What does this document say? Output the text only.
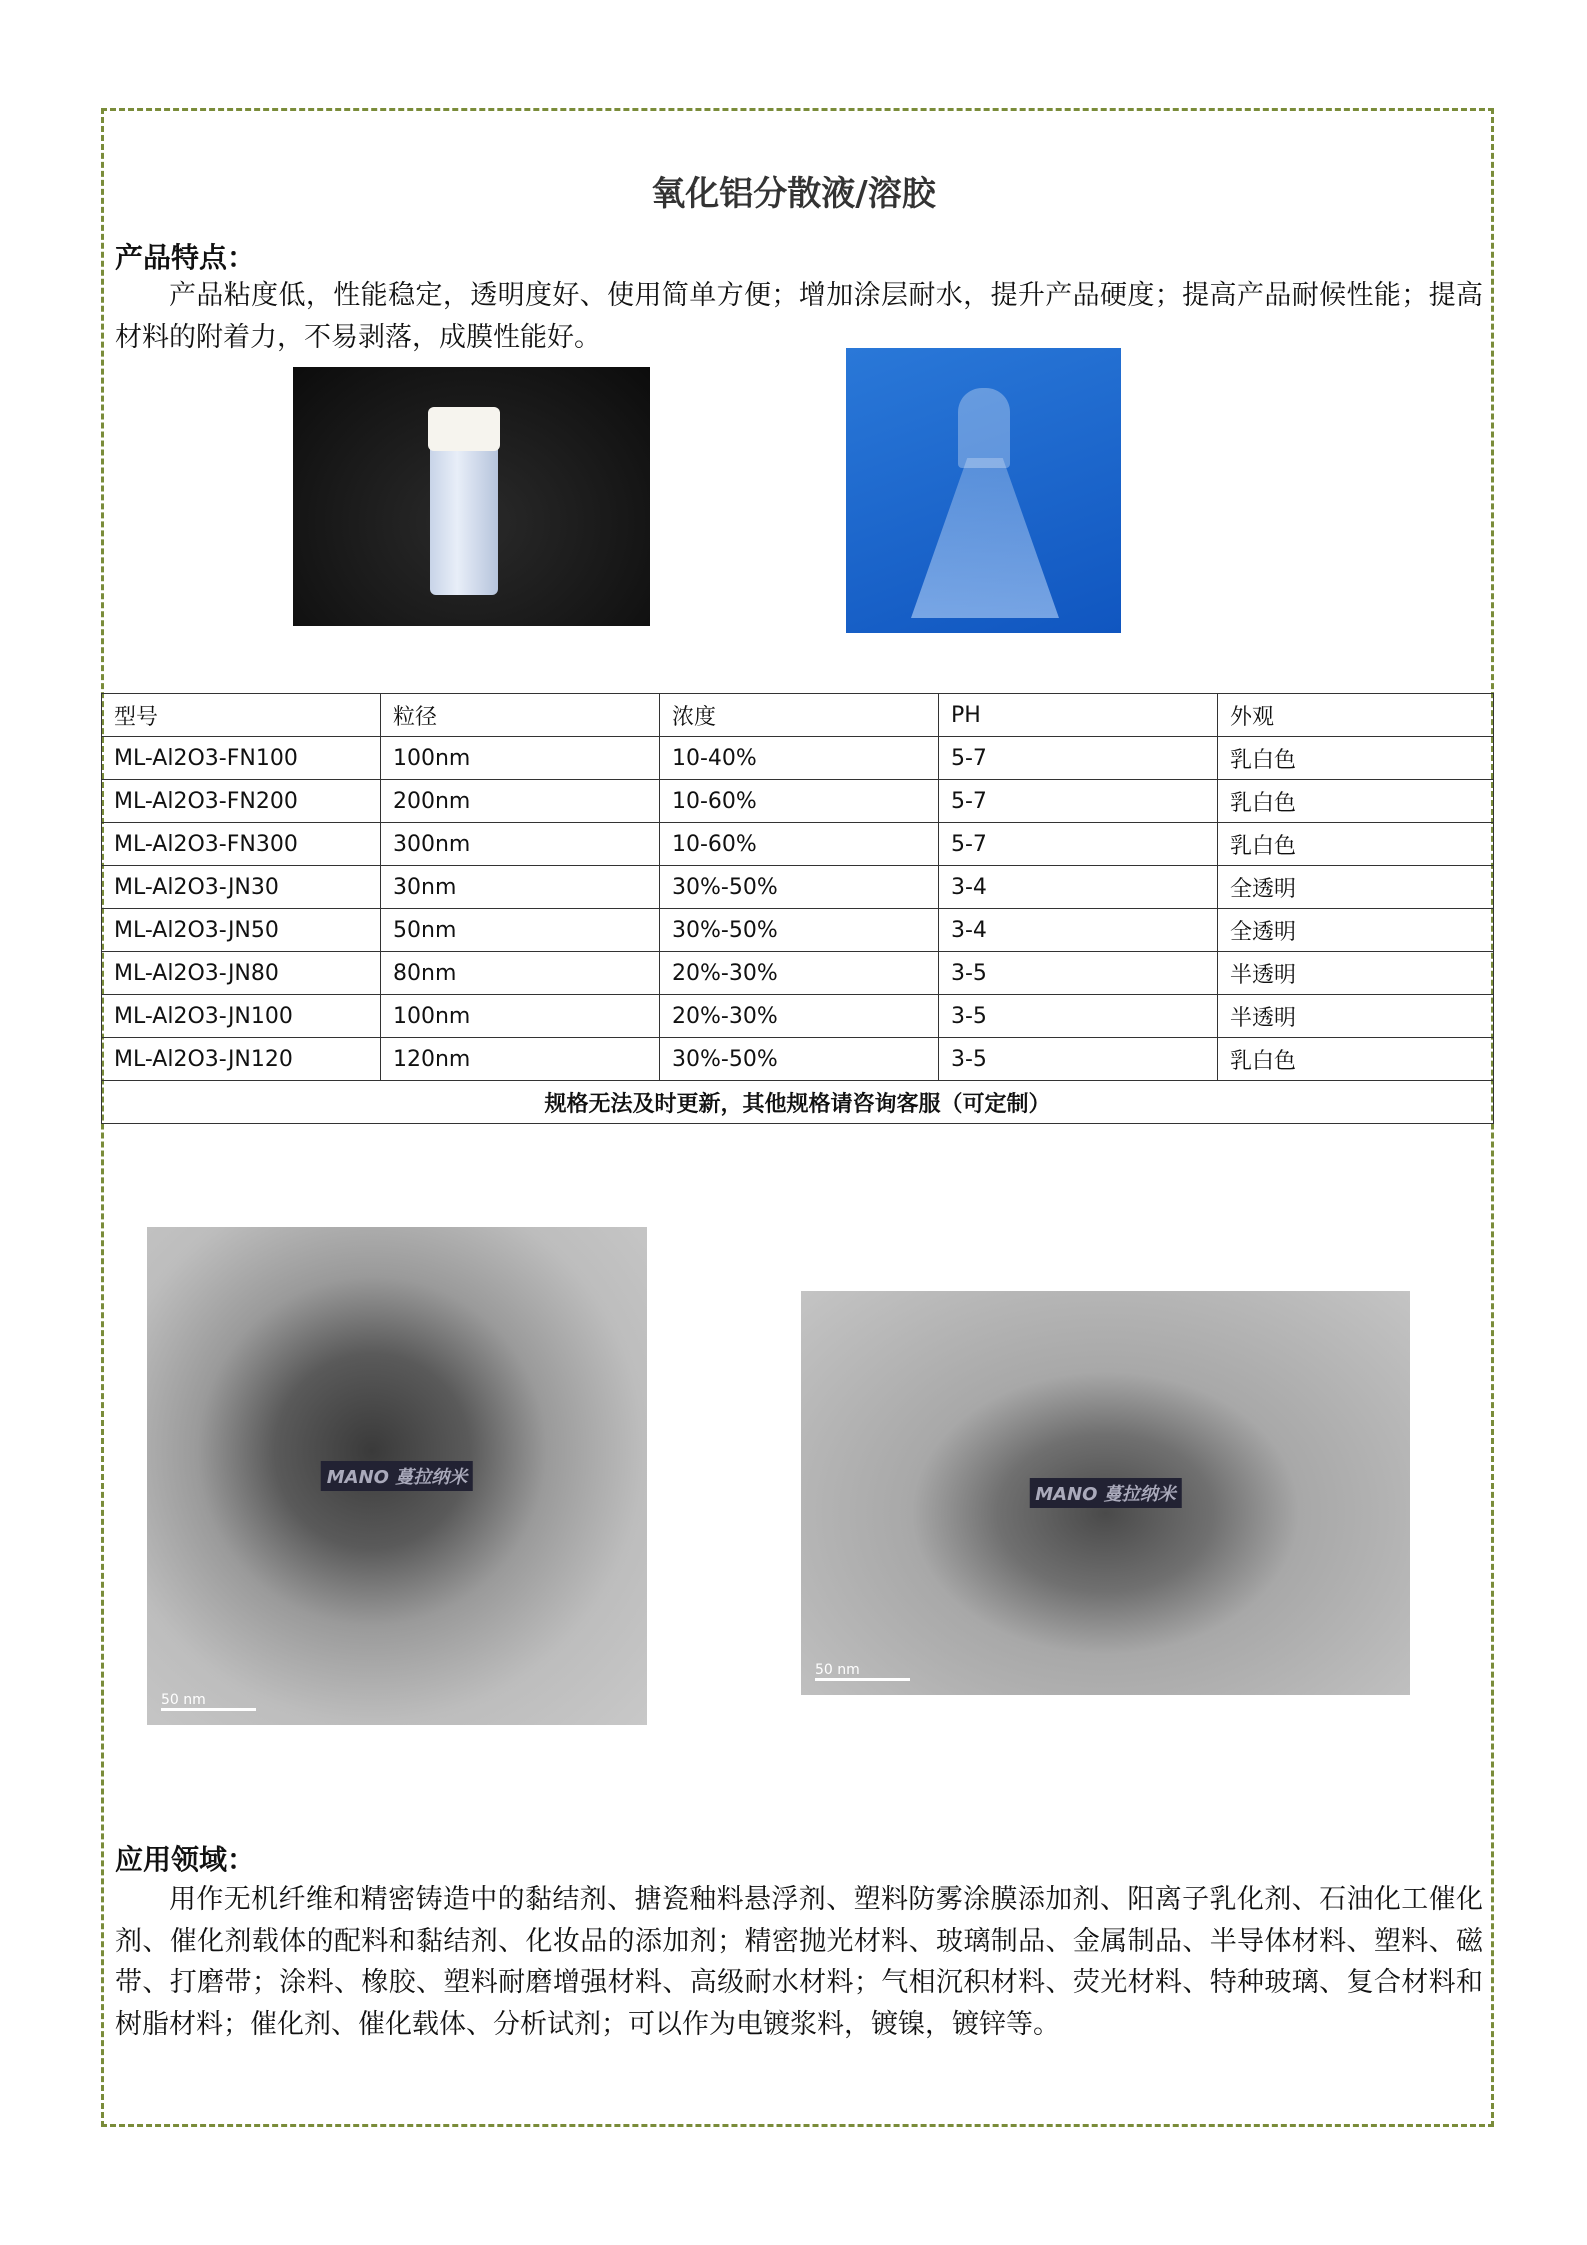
氧化铝分散液/溶胶
产品特点：
产品粘度低，性能稳定，透明度好、使用简单方便；增加涂层耐水，提升产品硬度；提高产品耐候性能；提高材料的附着力，不易剥落，成膜性能好。
型号	粒径	浓度	PH	外观
ML-Al2O3-FN100	100nm	10-40%	5-7	乳白色
ML-Al2O3-FN200	200nm	10-60%	5-7	乳白色
ML-Al2O3-FN300	300nm	10-60%	5-7	乳白色
ML-Al2O3-JN30	30nm	30%-50%	3-4	全透明
ML-Al2O3-JN50	50nm	30%-50%	3-4	全透明
ML-Al2O3-JN80	80nm	20%-30%	3-5	半透明
ML-Al2O3-JN100	100nm	20%-30%	3-5	半透明
ML-Al2O3-JN120	120nm	30%-50%	3-5	乳白色
规格无法及时更新，其他规格请咨询客服（可定制）				
MANO 蔓拉纳米
50 nm
MANO 蔓拉纳米
50 nm
应用领域：
用作无机纤维和精密铸造中的黏结剂、搪瓷釉料悬浮剂、塑料防雾涂膜添加剂、阳离子乳化剂、石油化工催化剂、催化剂载体的配料和黏结剂、化妆品的添加剂；精密抛光材料、玻璃制品、金属制品、半导体材料、塑料、磁带、打磨带；涂料、橡胶、塑料耐磨增强材料、高级耐水材料；气相沉积材料、荧光材料、特种玻璃、复合材料和树脂材料；催化剂、催化载体、分析试剂；可以作为电镀浆料，镀镍，镀锌等。
